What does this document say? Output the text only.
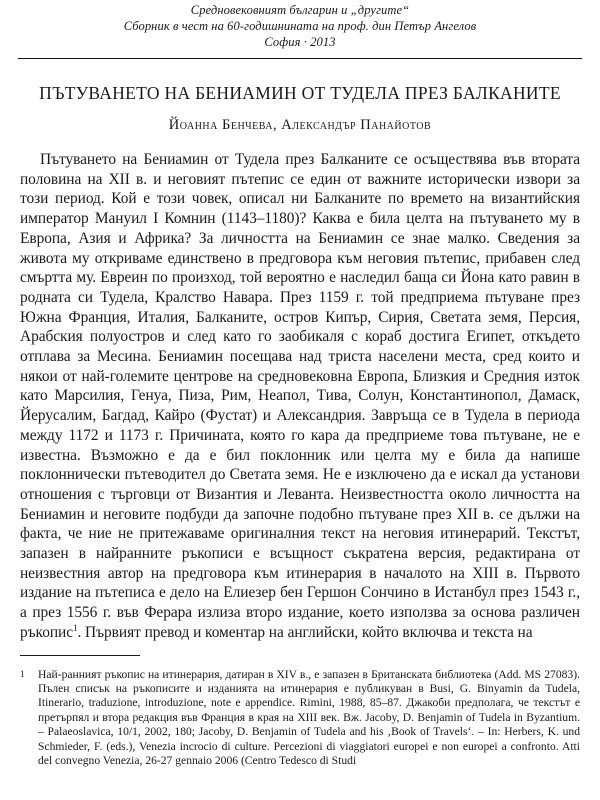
Средновековният българин и „другите“
Сборник в чест на 60-годишнината на проф. дин Петър Ангелов
София · 2013
ПЪТУВАНЕТО НА БЕНИАМИН ОТ ТУДЕЛА ПРЕЗ БАЛКАНИТЕ
Йоанна Бенчева, Александър Панайотов
Пътуването на Бениамин от Тудела през Балканите се осъществява във втората половина на XII в. и неговият пътепис се един от важните исторически извори за този период. Кой е този човек, описал ни Балканите по времето на византийския император Мануил I Комнин (1143–1180)? Каква е била целта на пътуването му в Европа, Азия и Африка? За личността на Бениамин се знае малко. Сведения за живота му откриваме единствено в предговора към неговия пътепис, прибавен след смъртта му. Евреин по произход, той вероятно е наследил баща си Йона като равин в родната си Тудела, Кралство Навара. През 1159 г. той предприема пътуване през Южна Франция, Италия, Балканите, остров Кипър, Сирия, Светата земя, Персия, Арабския полуостров и след като го заобикаля с кораб достига Египет, откъдето отплава за Месина. Бениамин посещава над триста населени места, сред които и някои от най-големите центрове на средновековна Европа, Близкия и Средния изток като Марсилия, Генуа, Пиза, Рим, Неапол, Тива, Солун, Константинопол, Дамаск, Йерусалим, Багдад, Кайро (Фустат) и Александрия. Завръща се в Тудела в периода между 1172 и 1173 г. Причината, която го кара да предприеме това пътуване, не е известна. Възможно е да е бил поклонник или целта му е била да напише поклоннически пътеводител до Светата земя. Не е изключено да е искал да установи отношения с търговци от Византия и Леванта. Неизвестността около личността на Бениамин и неговите подбуди да започне подобно пътуване през XII в. се дължи на факта, че ние не притежаваме оригиналния текст на неговия итинерарий. Текстът, запазен в найранните ръкописи е всъщност съкратена версия, редактирана от неизвестния автор на предговора към итинерария в началото на XIII в. Първото издание на пътеписа е дело на Елиезер бен Гершон Сончино в Истанбул през 1543 г., а през 1556 г. във Ферара излиза второ издание, което използва за основа различен ръкопис$^1$. Първият превод и коментар на английски, който включва и текста на
1	Най-ранният ръкопис на итинерария, датиран в XIV в., е запазен в Британската библиотека (Add. MS 27083). Пълен списък на ръкописите и изданията на итинерария е публикуван в Busi, G. Binyamin da Tudela, Itinerario, traduzione, introduzione, note e appendice. Rimini, 1988, 85–87. Джакоби предполага, че текстът е претърпял и втора редакция във Франция в края на XIII век. Вж. Jacoby, D. Benjamin of Tudela in Byzantium. – Palaeoslavica, 10/1, 2002, 180; Jacoby, D. Benjamin of Tudela and his ‚Book of Travels‘. – In: Herbers, K. und Schmieder, F. (eds.), Venezia incrocio di culture. Percezioni di viaggiatori europei e non europei a confronto. Atti del convegno Venezia, 26-27 gennaio 2006 (Centro Tedesco di Studi
